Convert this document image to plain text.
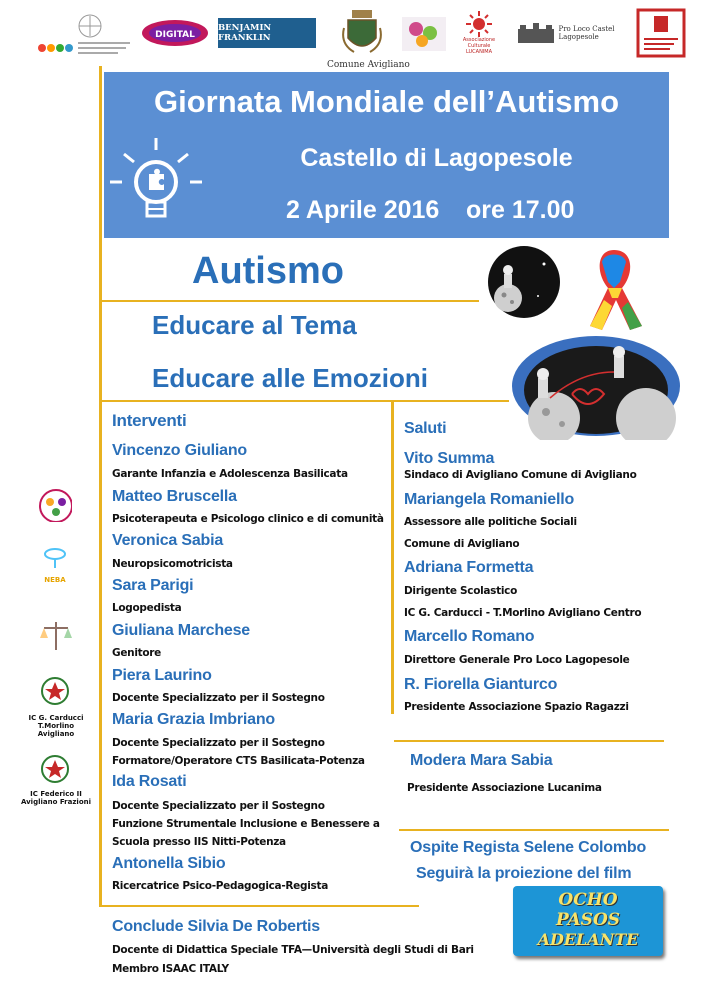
DIGITAL
BENJAMIN FRANKLIN
Comune Avigliano
Associazione Culturale LUCANIMA
Pro Loco Castel Lagopesole
Giornata Mondiale dell’Autismo
Castello di Lagopesole
2 Aprile 2016 ore 17.00
Autismo
Educare al Tema
Educare alle Emozioni
Interventi
Vincenzo Giuliano
Garante Infanzia e Adolescenza Basilicata
Matteo Bruscella
Psicoterapeuta e Psicologo clinico e di comunità
Veronica Sabia
Neuropsicomotricista
Sara Parigi
Logopedista
Giuliana Marchese
Genitore
Piera Laurino
Docente Specializzato per il Sostegno
Maria Grazia Imbriano
Docente Specializzato per il Sostegno
Formatore/Operatore CTS Basilicata-Potenza
Ida Rosati
Docente Specializzato per il Sostegno
Funzione Strumentale Inclusione e Benessere a
Scuola presso IIS Nitti-Potenza
Antonella Sibio
Ricercatrice Psico-Pedagogica-Regista
Saluti
Vito Summa
Sindaco di Avigliano Comune di Avigliano
Mariangela Romaniello
Assessore alle politiche Sociali
Comune di Avigliano
Adriana Formetta
Dirigente Scolastico
IC G. Carducci - T.Morlino Avigliano Centro
Marcello Romano
Direttore Generale Pro Loco Lagopesole
R. Fiorella Gianturco
Presidente Associazione Spazio Ragazzi
Modera Mara Sabia
Presidente Associazione Lucanima
Ospite Regista Selene Colombo
Seguirà la proiezione del film
OCHO
PASOS
ADELANTE
Conclude Silvia De Robertis
Docente di Didattica Speciale TFA—Università degli Studi di Bari
Membro ISAAC ITALY
NEBA
IC G. Carducci T.Morlino
Avigliano
IC Federico II
Avigliano Frazioni
